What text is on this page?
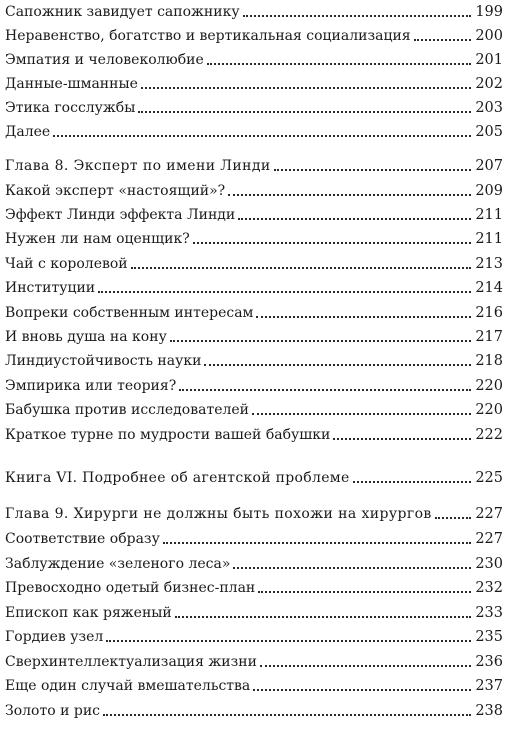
Сапожник завидует сапожнику	199
Неравенство, богатство и вертикальная социализация	200
Эмпатия и человеколюбие	201
Данные-шманные	202
Этика госслужбы	203
Далее	205
Глава 8. Эксперт по имени Линди	207
Какой эксперт «настоящий»?	209
Эффект Линди эффекта Линди	211
Нужен ли нам оценщик?	211
Чай с королевой	213
Институции	214
Вопреки собственным интересам	216
И вновь душа на кону	217
Линдиустойчивость науки	218
Эмпирика или теория?	220
Бабушка против исследователей	220
Краткое турне по мудрости вашей бабушки	222
Книга VI. Подробнее об агентской проблеме	225
Глава 9. Хирурги не должны быть похожи на хирургов	227
Соответствие образу	227
Заблуждение «зеленого леса»	230
Превосходно одетый бизнес-план	232
Епископ как ряженый	233
Гордиев узел	235
Сверхинтеллектуализация жизни	236
Еще один случай вмешательства	237
Золото и рис	238
